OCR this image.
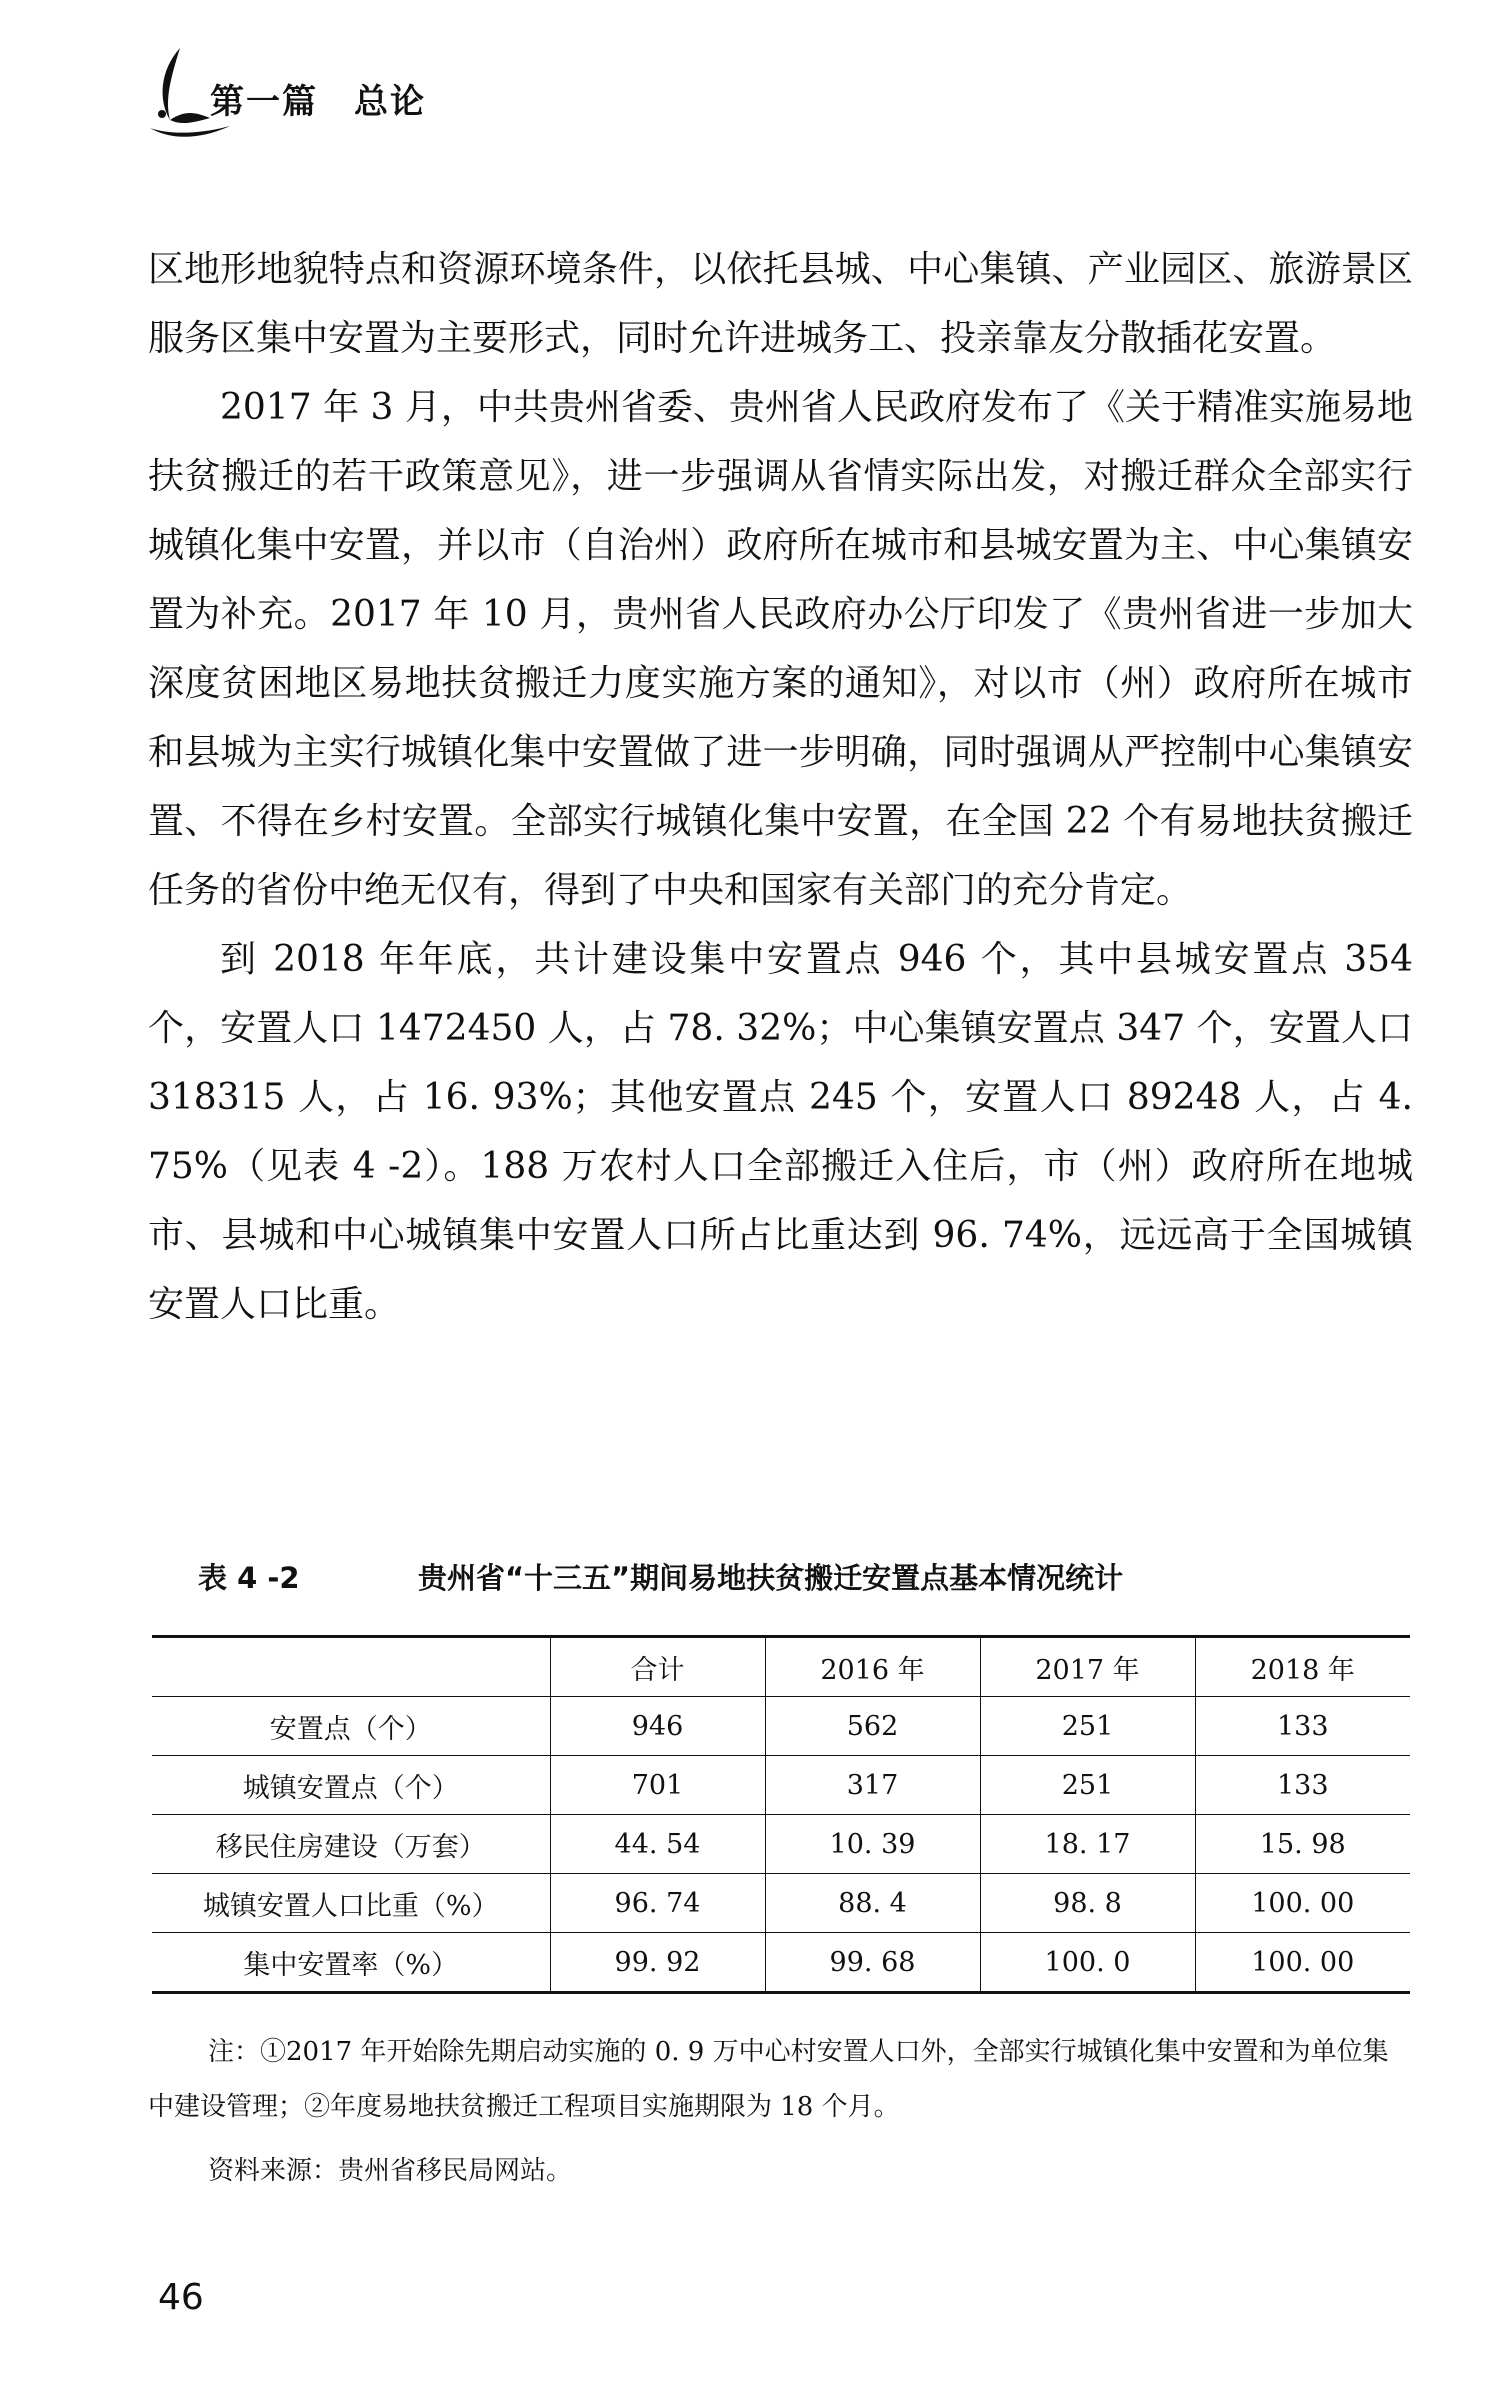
第一篇 总论

区地形地貌特点和资源环境条件，以依托县城、中心集镇、产业园区、旅游景区服务区集中安置为主要形式，同时允许进城务工、投亲靠友分散插花安置。

2017 年 3 月，中共贵州省委、贵州省人民政府发布了《关于精准实施易地扶贫搬迁的若干政策意见》，进一步强调从省情实际出发，对搬迁群众全部实行城镇化集中安置，并以市（自治州）政府所在城市和县城安置为主、中心集镇安置为补充。2017 年 10 月，贵州省人民政府办公厅印发了《贵州省进一步加大深度贫困地区易地扶贫搬迁力度实施方案的通知》，对以市（州）政府所在城市和县城为主实行城镇化集中安置做了进一步明确，同时强调从严控制中心集镇安置、不得在乡村安置。全部实行城镇化集中安置，在全国 22 个有易地扶贫搬迁任务的省份中绝无仅有，得到了中央和国家有关部门的充分肯定。

到 2018 年年底，共计建设集中安置点 946 个，其中县城安置点 354 个，安置人口 1472450 人，占 78. 32%；中心集镇安置点 347 个，安置人口 318315 人，占 16. 93%；其他安置点 245 个，安置人口 89248 人，占 4. 75%（见表 4 -2）。188 万农村人口全部搬迁入住后，市（州）政府所在地城市、县城和中心城镇集中安置人口所占比重达到 96. 74%，远远高于全国城镇安置人口比重。

表 4 -2	贵州省“十三五”期间易地扶贫搬迁安置点基本情况统计
	合计	2016 年	2017 年	2018 年
安置点（个）	946	562	251	133
城镇安置点（个）	701	317	251	133
移民住房建设（万套）	44. 54	10. 39	18. 17	15. 98
城镇安置人口比重（%）	96. 74	88. 4	98. 8	100. 00
集中安置率（%）	99. 92	99. 68	100. 0	100. 00

注：①2017 年开始除先期启动实施的 0. 9 万中心村安置人口外，全部实行城镇化集中安置和为单位集中建设管理；②年度易地扶贫搬迁工程项目实施期限为 18 个月。

资料来源：贵州省移民局网站。
46
